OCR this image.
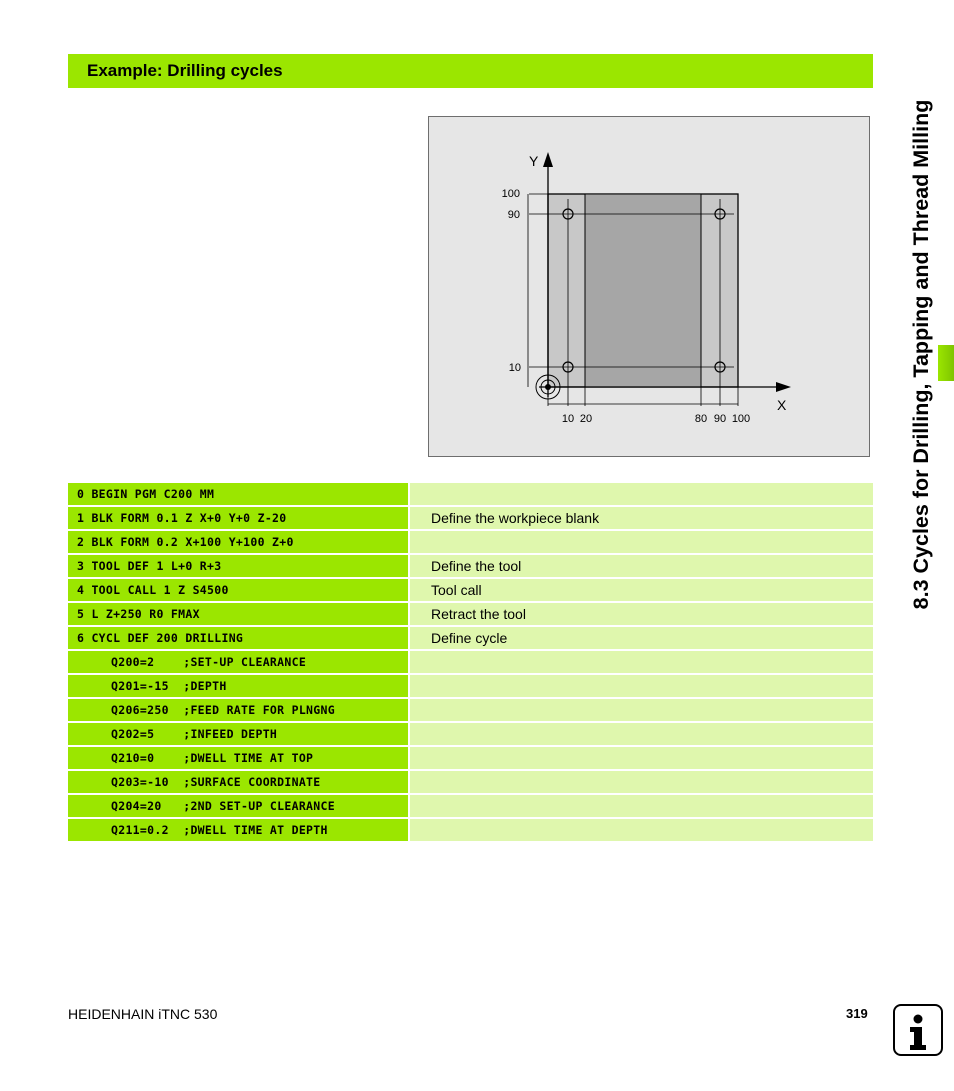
Example: Drilling cycles
Y
X
100
90
10
10 20	80 90 100
0 BEGIN PGM C200 MM
1 BLK FORM 0.1 Z X+0 Y+0 Z-20	Define the workpiece blank
2 BLK FORM 0.2 X+100 Y+100 Z+0
3 TOOL DEF 1 L+0 R+3	Define the tool
4 TOOL CALL 1 Z S4500	Tool call
5 L Z+250 R0 FMAX	Retract the tool
6 CYCL DEF 200 DRILLING	Define cycle
Q200=2    ;SET-UP CLEARANCE
Q201=-15  ;DEPTH
Q206=250  ;FEED RATE FOR PLNGNG
Q202=5    ;INFEED DEPTH
Q210=0    ;DWELL TIME AT TOP
Q203=-10  ;SURFACE COORDINATE
Q204=20   ;2ND SET-UP CLEARANCE
Q211=0.2  ;DWELL TIME AT DEPTH
8.3 Cycles for Drilling, Tapping and Thread Milling
HEIDENHAIN iTNC 530	319
